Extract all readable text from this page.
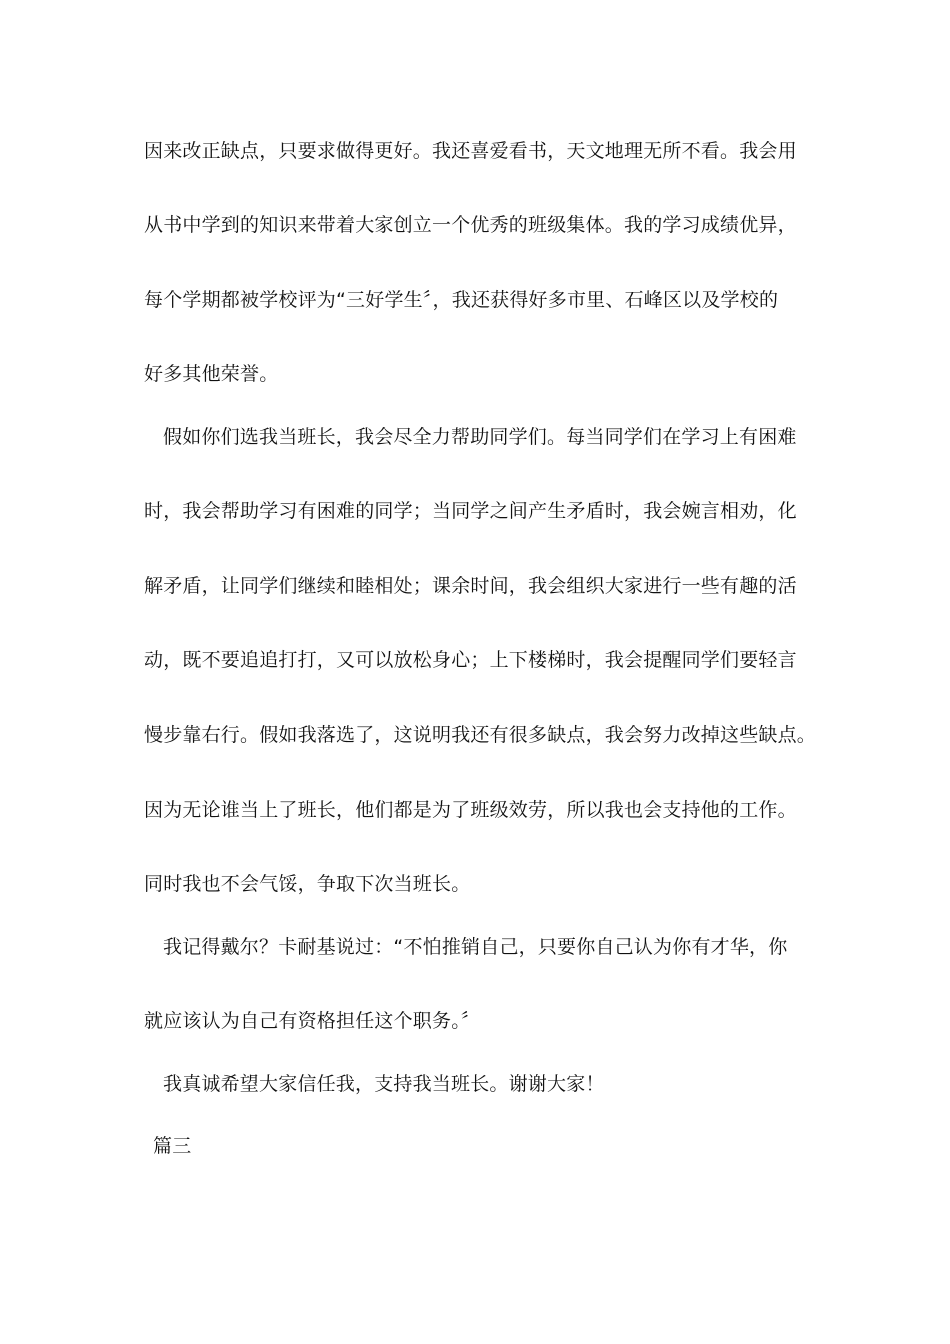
因来改正缺点，只要求做得更好。我还喜爱看书，天文地理无所不看。我会用

从书中学到的知识来带着大家创立一个优秀的班级集体。我的学习成绩优异，

每个学期都被学校评为“三好学生〞，我还获得好多市里、石峰区以及学校的

好多其他荣誉。

假如你们选我当班长，我会尽全力帮助同学们。每当同学们在学习上有困难

时，我会帮助学习有困难的同学；当同学之间产生矛盾时，我会婉言相劝，化

解矛盾，让同学们继续和睦相处；课余时间，我会组织大家进行一些有趣的活

动，既不要追追打打，又可以放松身心；上下楼梯时，我会提醒同学们要轻言

慢步靠右行。假如我落选了，这说明我还有很多缺点，我会努力改掉这些缺点。

因为无论谁当上了班长，他们都是为了班级效劳，所以我也会支持他的工作。

同时我也不会气馁，争取下次当班长。

我记得戴尔？卡耐基说过：“不怕推销自己，只要你自己认为你有才华，你

就应该认为自己有资格担任这个职务。〞

我真诚希望大家信任我，支持我当班长。谢谢大家！

篇三
